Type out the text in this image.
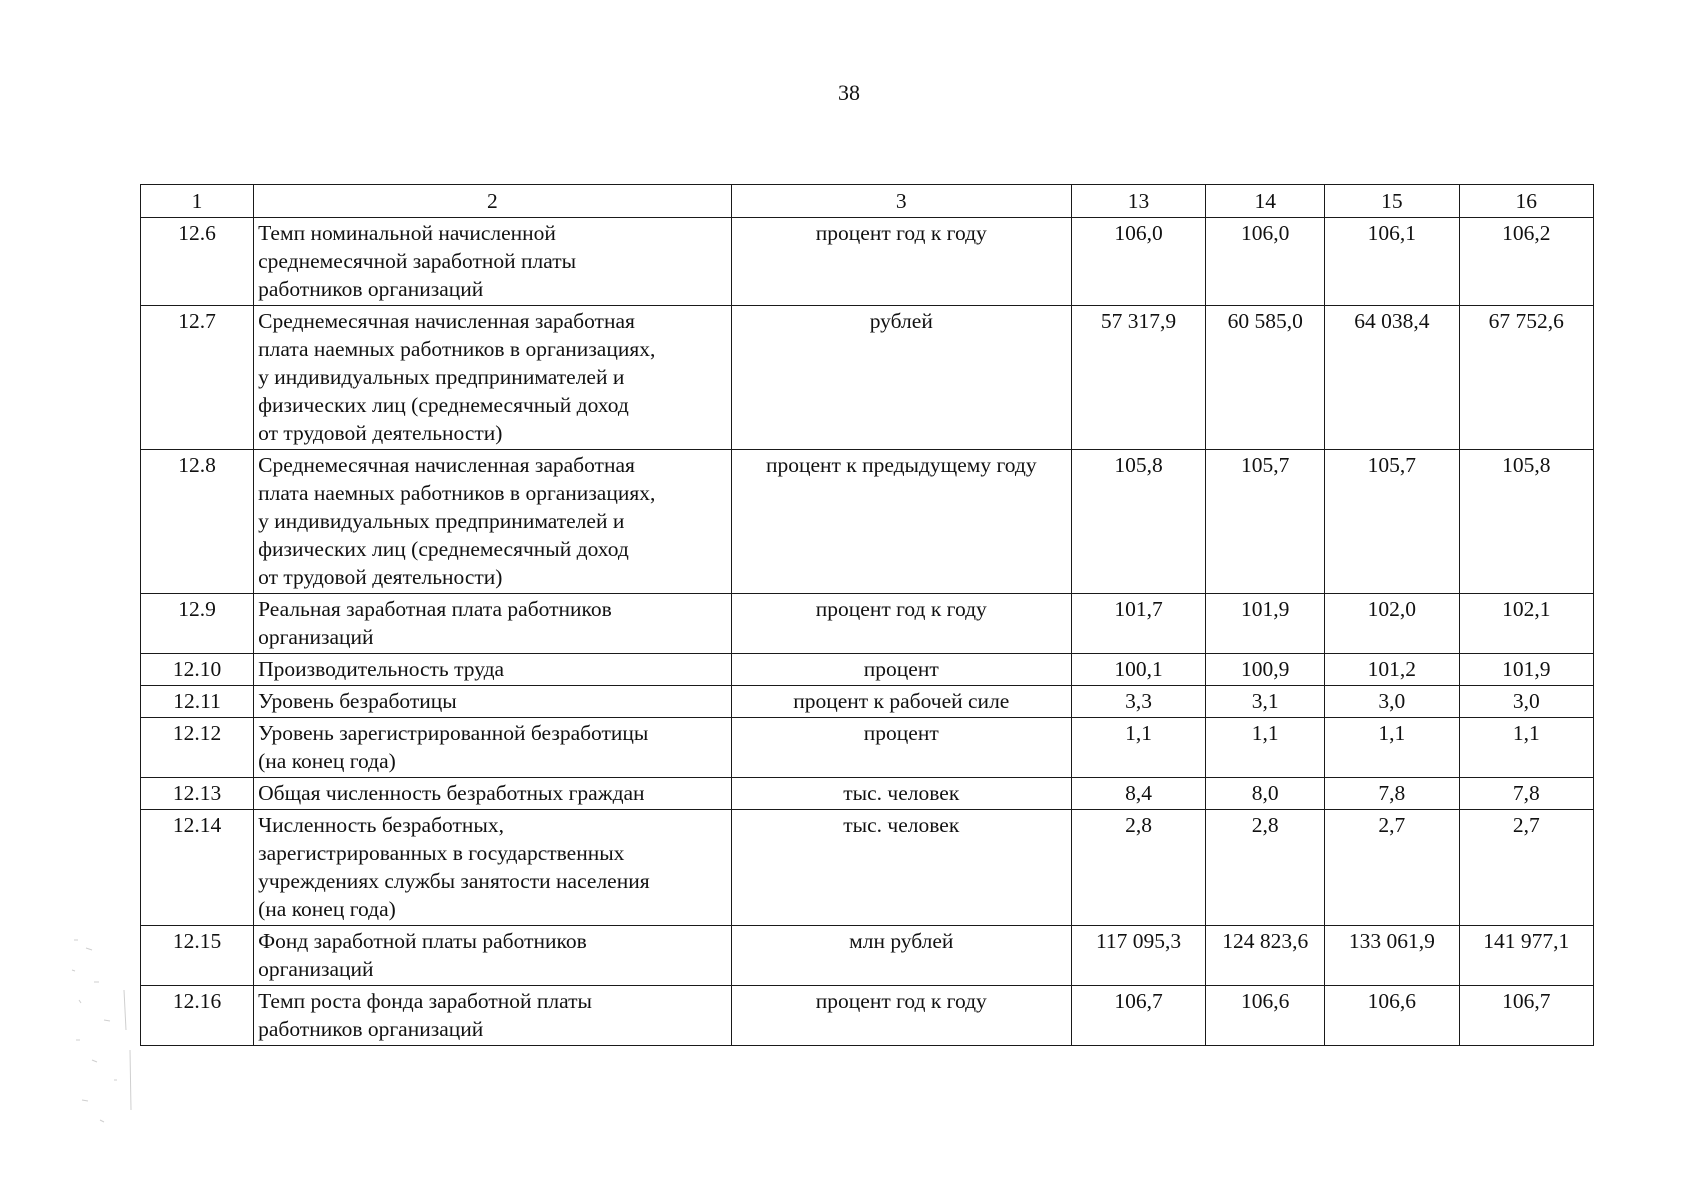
38
1	2	3	13	14	15	16
12.6	Темп номинальной начисленной
среднемесячной заработной платы
работников организаций	процент год к году	106,0	106,0	106,1	106,2
12.7	Среднемесячная начисленная заработная
плата наемных работников в организациях,
у индивидуальных предпринимателей и
физических лиц (среднемесячный доход
от трудовой деятельности)	рублей	57 317,9	60 585,0	64 038,4	67 752,6
12.8	Среднемесячная начисленная заработная
плата наемных работников в организациях,
у индивидуальных предпринимателей и
физических лиц (среднемесячный доход
от трудовой деятельности)	процент к предыдущему году	105,8	105,7	105,7	105,8
12.9	Реальная заработная плата работников
организаций	процент год к году	101,7	101,9	102,0	102,1
12.10	Производительность труда	процент	100,1	100,9	101,2	101,9
12.11	Уровень безработицы	процент к рабочей силе	3,3	3,1	3,0	3,0
12.12	Уровень зарегистрированной безработицы
(на конец года)	процент	1,1	1,1	1,1	1,1
12.13	Общая численность безработных граждан	тыс. человек	8,4	8,0	7,8	7,8
12.14	Численность безработных,
зарегистрированных в государственных
учреждениях службы занятости населения
(на конец года)	тыс. человек	2,8	2,8	2,7	2,7
12.15	Фонд заработной платы работников
организаций	млн рублей	117 095,3	124 823,6	133 061,9	141 977,1
12.16	Темп роста фонда заработной платы
работников организаций	процент год к году	106,7	106,6	106,6	106,7
